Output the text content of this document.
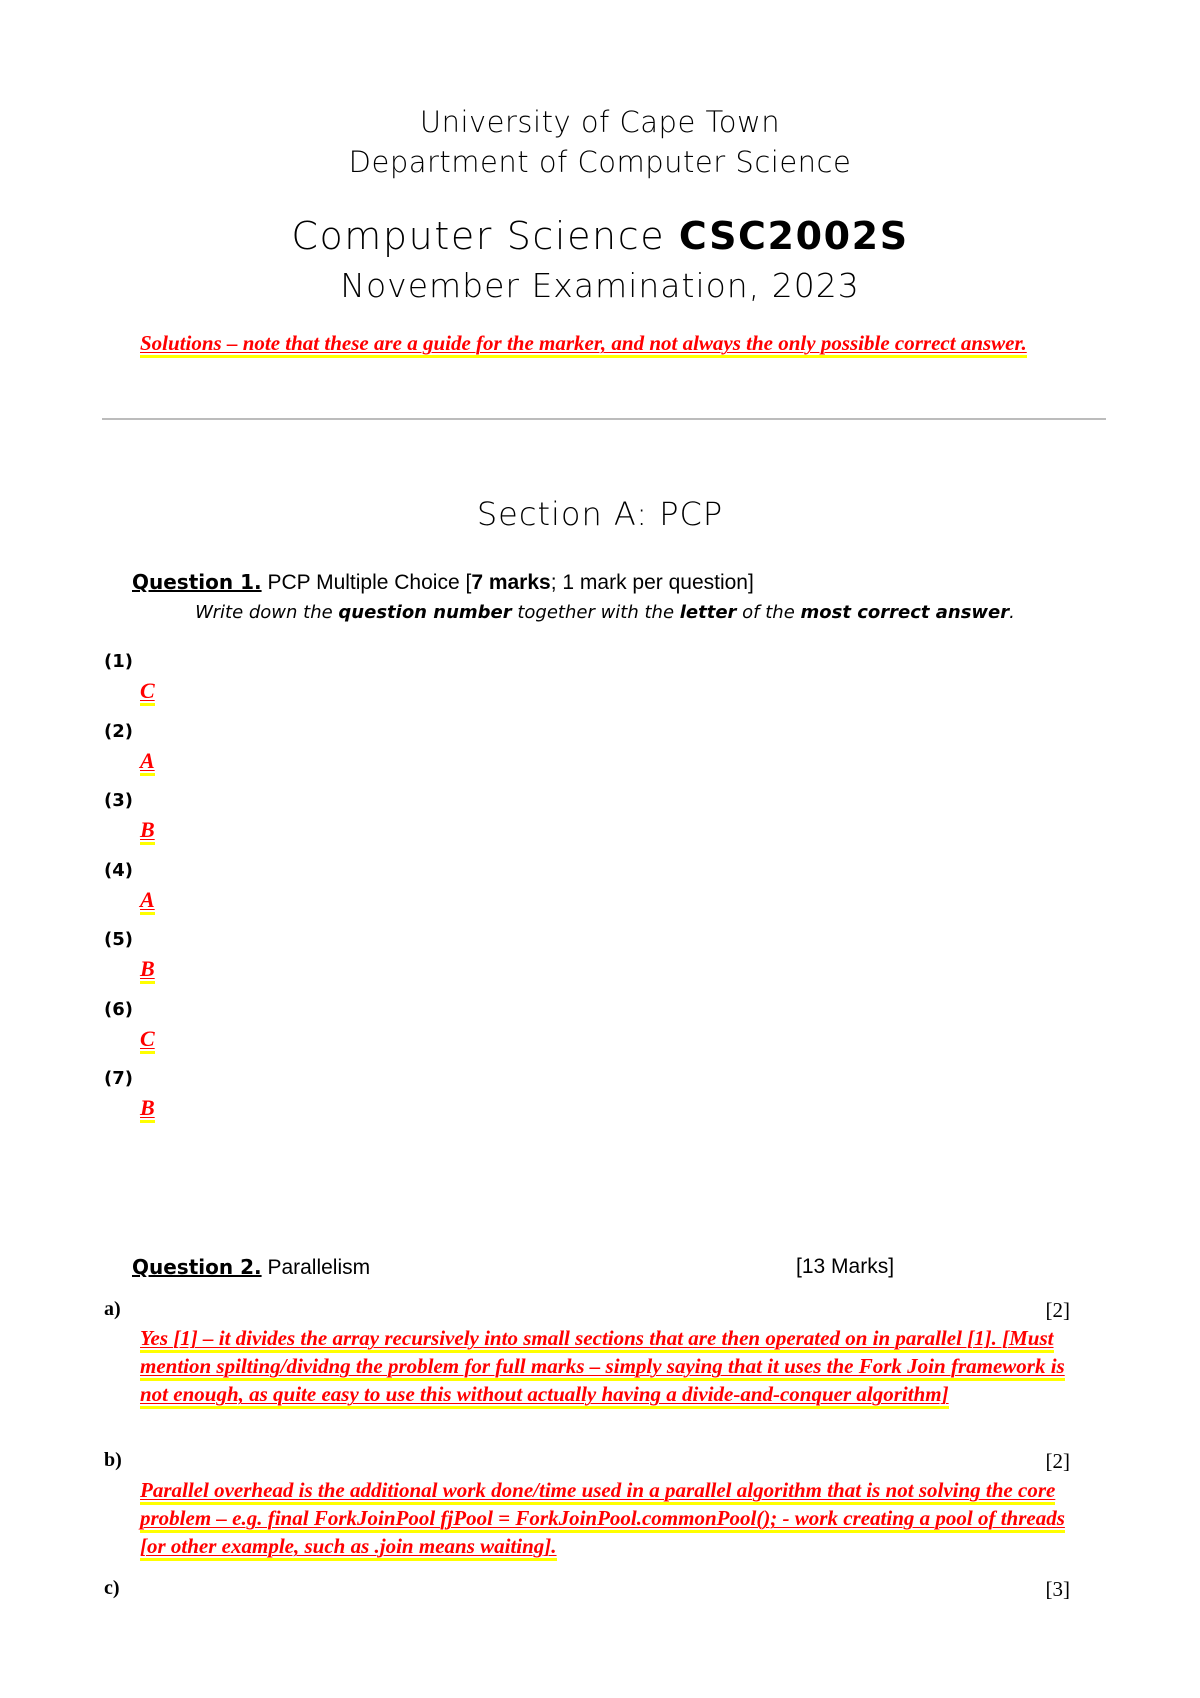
University of Cape Town
Department of Computer Science
Computer Science CSC2002S
November Examination, 2023
Solutions – note that these are a guide for the marker, and not always the only possible correct answer.
Section A: PCP
Question 1. PCP Multiple Choice [7 marks; 1 mark per question]
Write down the question number together with the letter of the most correct answer.
(1)
C
(2)
A
(3)
B
(4)
A
(5)
B
(6)
C
(7)
B
Question 2. Parallelism	[13 Marks]
a)	[2]
Yes [1] – it divides the array recursively into small sections that are then operated on in parallel [1]. [Must mention spilting/dividng the problem for full marks – simply saying that it uses the Fork Join framework is not enough, as quite easy to use this without actually having a divide-and-conquer algorithm]
b)	[2]
Parallel overhead is the additional work done/time used in a parallel algorithm that is not solving the core problem – e.g. final ForkJoinPool fjPool = ForkJoinPool.commonPool(); - work creating a pool of threads [or other example, such as .join means waiting].
c)	[3]
